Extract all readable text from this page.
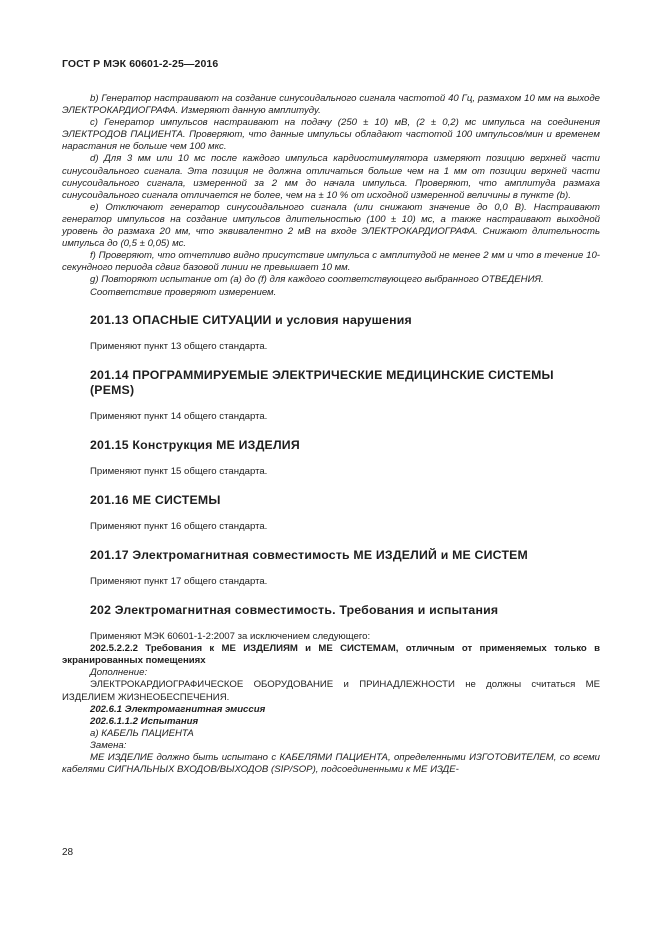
ГОСТ Р МЭК 60601-2-25—2016

b) Генератор настраивают на создание синусоидального сигнала частотой 40 Гц, размахом 10 мм на выходе ЭЛЕКТРОКАРДИОГРАФА. Измеряют данную амплитуду.

c) Генератор импульсов настраивают на подачу (250 ± 10) мВ, (2 ± 0,2) мс импульса на соединения ЭЛЕКТРОДОВ ПАЦИЕНТА. Проверяют, что данные импульсы обладают частотой 100 импульсов/мин и временем нарастания не больше чем 100 мкс.

d) Для 3 мм или 10 мс после каждого импульса кардиостимулятора измеряют позицию верхней части синусоидального сигнала. Эта позиция не должна отличаться больше чем на 1 мм от позиции верхней части синусоидального сигнала, измеренной за 2 мм до начала импульса. Проверяют, что амплитуда размаха синусоидального сигнала отличается не более, чем на ± 10 % от исходной измеренной величины в пункте (b).

e) Отключают генератор синусоидального сигнала (или снижают значение до 0,0 В). Настраивают генератор импульсов на создание импульсов длительностью (100 ± 10) мс, а также настраивают выходной уровень до размаха 20 мм, что эквивалентно 2 мВ на входе ЭЛЕКТРОКАРДИОГРАФА. Снижают длительность импульса до (0,5 ± 0,05) мс.

f) Проверяют, что отчетливо видно присутствие импульса с амплитудой не менее 2 мм и что в течение 10-секундного периода сдвиг базовой линии не превышает 10 мм.

g) Повторяют испытание от (a) до (f) для каждого соответствующего выбранного ОТВЕДЕНИЯ.

Соответствие проверяют измерением.

201.13 ОПАСНЫЕ СИТУАЦИИ и условия нарушения

Применяют пункт 13 общего стандарта.

201.14 ПРОГРАММИРУЕМЫЕ ЭЛЕКТРИЧЕСКИЕ МЕДИЦИНСКИЕ СИСТЕМЫ (PEMS)

Применяют пункт 14 общего стандарта.

201.15 Конструкция МЕ ИЗДЕЛИЯ

Применяют пункт 15 общего стандарта.

201.16 МЕ СИСТЕМЫ

Применяют пункт 16 общего стандарта.

201.17 Электромагнитная совместимость МЕ ИЗДЕЛИЙ и МЕ СИСТЕМ

Применяют пункт 17 общего стандарта.

202 Электромагнитная совместимость. Требования и испытания

Применяют МЭК 60601-1-2:2007 за исключением следующего:

202.5.2.2.2 Требования к МЕ ИЗДЕЛИЯМ и МЕ СИСТЕМАМ, отличным от применяемых только в экранированных помещениях

Дополнение:

ЭЛЕКТРОКАРДИОГРАФИЧЕСКОЕ ОБОРУДОВАНИЕ и ПРИНАДЛЕЖНОСТИ не должны считаться МЕ ИЗДЕЛИЕМ ЖИЗНЕОБЕСПЕЧЕНИЯ.

202.6.1 Электромагнитная эмиссия

202.6.1.1.2 Испытания

a) КАБЕЛЬ ПАЦИЕНТА

Замена:

МЕ ИЗДЕЛИЕ должно быть испытано с КАБЕЛЯМИ ПАЦИЕНТА, определенными ИЗГОТОВИТЕЛЕМ, со всеми кабелями СИГНАЛЬНЫХ ВХОДОВ/ВЫХОДОВ (SIP/SOP), подсоединенными к МЕ ИЗДЕ-

28
